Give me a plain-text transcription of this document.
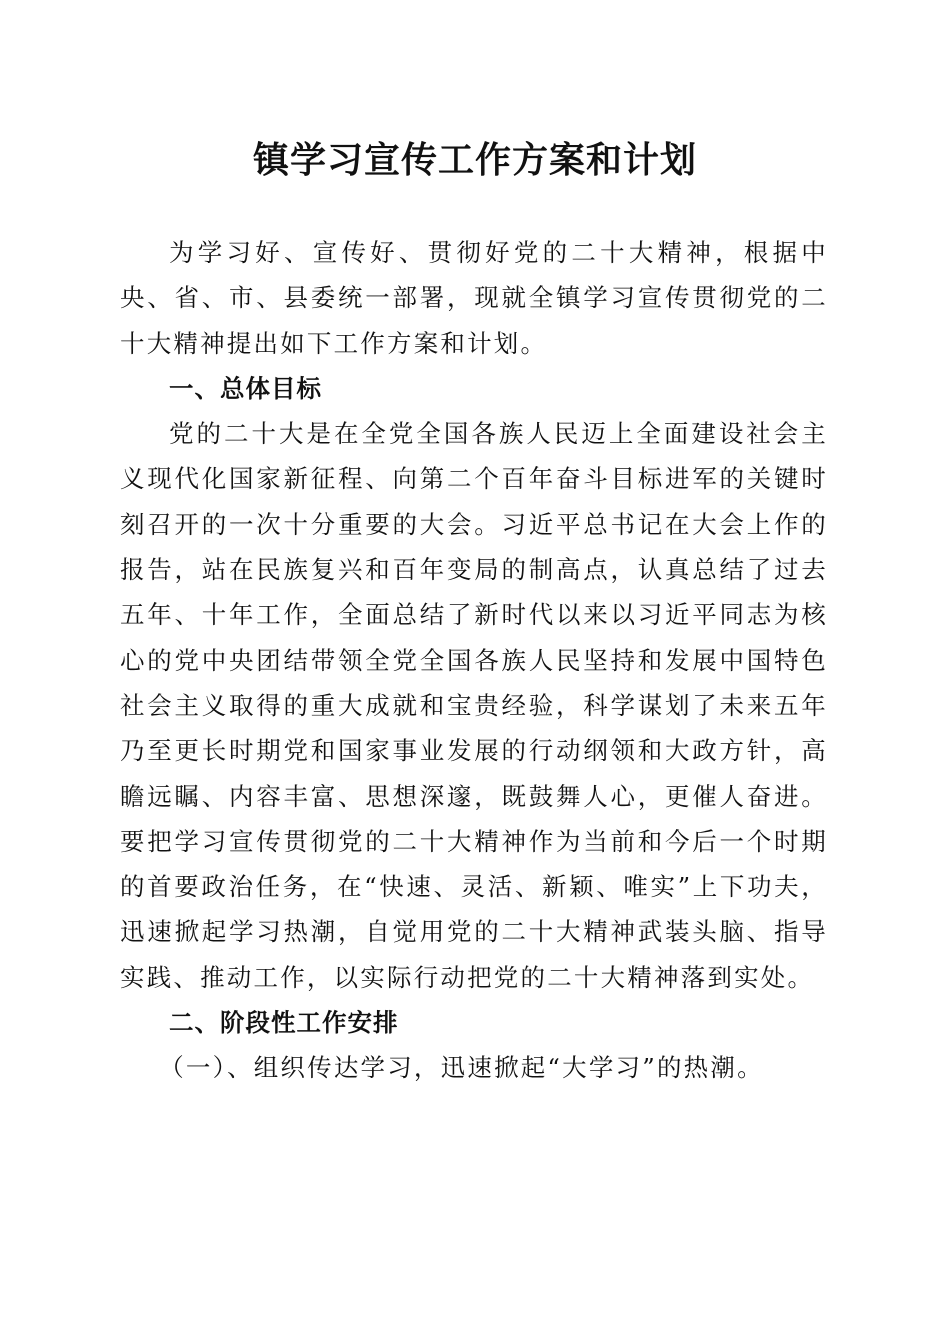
镇学习宣传工作方案和计划

为学习好、宣传好、贯彻好党的二十大精神，根据中央、省、市、县委统一部署，现就全镇学习宣传贯彻党的二十大精神提出如下工作方案和计划。

一、总体目标

党的二十大是在全党全国各族人民迈上全面建设社会主义现代化国家新征程、向第二个百年奋斗目标进军的关键时刻召开的一次十分重要的大会。习近平总书记在大会上作的报告，站在民族复兴和百年变局的制高点，认真总结了过去五年、十年工作，全面总结了新时代以来以习近平同志为核心的党中央团结带领全党全国各族人民坚持和发展中国特色社会主义取得的重大成就和宝贵经验，科学谋划了未来五年乃至更长时期党和国家事业发展的行动纲领和大政方针，高瞻远瞩、内容丰富、思想深邃，既鼓舞人心，更催人奋进。要把学习宣传贯彻党的二十大精神作为当前和今后一个时期的首要政治任务，在“快速、灵活、新颖、唯实”上下功夫，迅速掀起学习热潮，自觉用党的二十大精神武装头脑、指导实践、推动工作，以实际行动把党的二十大精神落到实处。

二、阶段性工作安排

（一）、组织传达学习，迅速掀起“大学习”的热潮。
